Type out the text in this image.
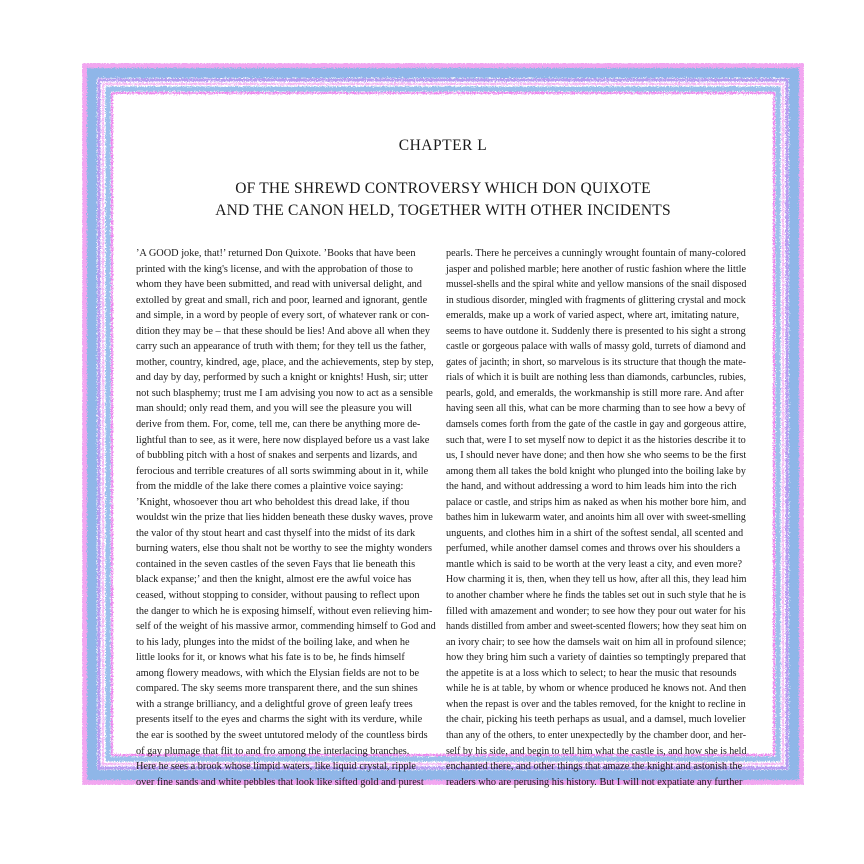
CHAPTER L
OF THE SHREWD CONTROVERSY WHICH DON QUIXOTE
AND THE CANON HELD, TOGETHER WITH OTHER INCIDENTS
’A GOOD joke, that!’ returned Don Quixote. ’Books that have been
printed with the king's license, and with the approbation of those to
whom they have been submitted, and read with universal delight, and
extolled by great and small, rich and poor, learned and ignorant, gentle
and simple, in a word by people of every sort, of whatever rank or con-
dition they may be – that these should be lies! And above all when they
carry such an appearance of truth with them; for they tell us the father,
mother, country, kindred, age, place, and the achievements, step by step,
and day by day, performed by such a knight or knights! Hush, sir; utter
not such blasphemy; trust me I am advising you now to act as a sensible
man should; only read them, and you will see the pleasure you will
derive from them. For, come, tell me, can there be anything more de-
lightful than to see, as it were, here now displayed before us a vast lake
of bubbling pitch with a host of snakes and serpents and lizards, and
ferocious and terrible creatures of all sorts swimming about in it, while
from the middle of the lake there comes a plaintive voice saying:
’Knight, whosoever thou art who beholdest this dread lake, if thou
wouldst win the prize that lies hidden beneath these dusky waves, prove
the valor of thy stout heart and cast thyself into the midst of its dark
burning waters, else thou shalt not be worthy to see the mighty wonders
contained in the seven castles of the seven Fays that lie beneath this
black expanse;’ and then the knight, almost ere the awful voice has
ceased, without stopping to consider, without pausing to reflect upon
the danger to which he is exposing himself, without even relieving him-
self of the weight of his massive armor, commending himself to God and
to his lady, plunges into the midst of the boiling lake, and when he
little looks for it, or knows what his fate is to be, he finds himself
among flowery meadows, with which the Elysian fields are not to be
compared. The sky seems more transparent there, and the sun shines
with a strange brilliancy, and a delightful grove of green leafy trees
presents itself to the eyes and charms the sight with its verdure, while
the ear is soothed by the sweet untutored melody of the countless birds
of gay plumage that flit to and fro among the interlacing branches.
Here he sees a brook whose limpid waters, like liquid crystal, ripple
over fine sands and white pebbles that look like sifted gold and purest
pearls. There he perceives a cunningly wrought fountain of many-colored
jasper and polished marble; here another of rustic fashion where the little
mussel-shells and the spiral white and yellow mansions of the snail disposed
in studious disorder, mingled with fragments of glittering crystal and mock
emeralds, make up a work of varied aspect, where art, imitating nature,
seems to have outdone it. Suddenly there is presented to his sight a strong
castle or gorgeous palace with walls of massy gold, turrets of diamond and
gates of jacinth; in short, so marvelous is its structure that though the mate-
rials of which it is built are nothing less than diamonds, carbuncles, rubies,
pearls, gold, and emeralds, the workmanship is still more rare. And after
having seen all this, what can be more charming than to see how a bevy of
damsels comes forth from the gate of the castle in gay and gorgeous attire,
such that, were I to set myself now to depict it as the histories describe it to
us, I should never have done; and then how she who seems to be the first
among them all takes the bold knight who plunged into the boiling lake by
the hand, and without addressing a word to him leads him into the rich
palace or castle, and strips him as naked as when his mother bore him, and
bathes him in lukewarm water, and anoints him all over with sweet-smelling
unguents, and clothes him in a shirt of the softest sendal, all scented and
perfumed, while another damsel comes and throws over his shoulders a
mantle which is said to be worth at the very least a city, and even more?
How charming it is, then, when they tell us how, after all this, they lead him
to another chamber where he finds the tables set out in such style that he is
filled with amazement and wonder; to see how they pour out water for his
hands distilled from amber and sweet-scented flowers; how they seat him on
an ivory chair; to see how the damsels wait on him all in profound silence;
how they bring him such a variety of dainties so temptingly prepared that
the appetite is at a loss which to select; to hear the music that resounds
while he is at table, by whom or whence produced he knows not. And then
when the repast is over and the tables removed, for the knight to recline in
the chair, picking his teeth perhaps as usual, and a damsel, much lovelier
than any of the others, to enter unexpectedly by the chamber door, and her-
self by his side, and begin to tell him what the castle is, and how she is held
enchanted there, and other things that amaze the knight and astonish the
readers who are perusing his history. But I will not expatiate any further
